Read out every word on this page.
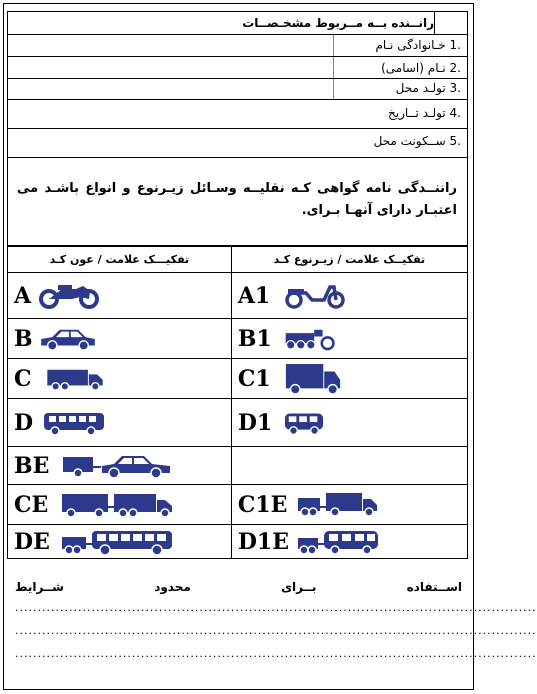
رانــنده بــه مــربوط مشخـصــات
.1 خـانوادگی نـام
.2 نـام (اسامی)
.3 تولـد محل
.4 تولـد تــاریخ
.5 ســکونت محل

راننــدگی نامه گواهی کـه نقلیــه وسـائل زیـرنوع و انواع باشـد می اعتبـار دارای آنهـا بـرای.

تفکیـــک علامت / عون کـد	تفکیــک علامت / زیـرنوع کـد

A	A1

B	B1

C	C1

D	D1

BE	

CE	C1E

DE	D1E
اســتفاده
بــرای
محدود
شــرایط
....................................................................................................................
....................................................................................................................
....................................................................................................................
